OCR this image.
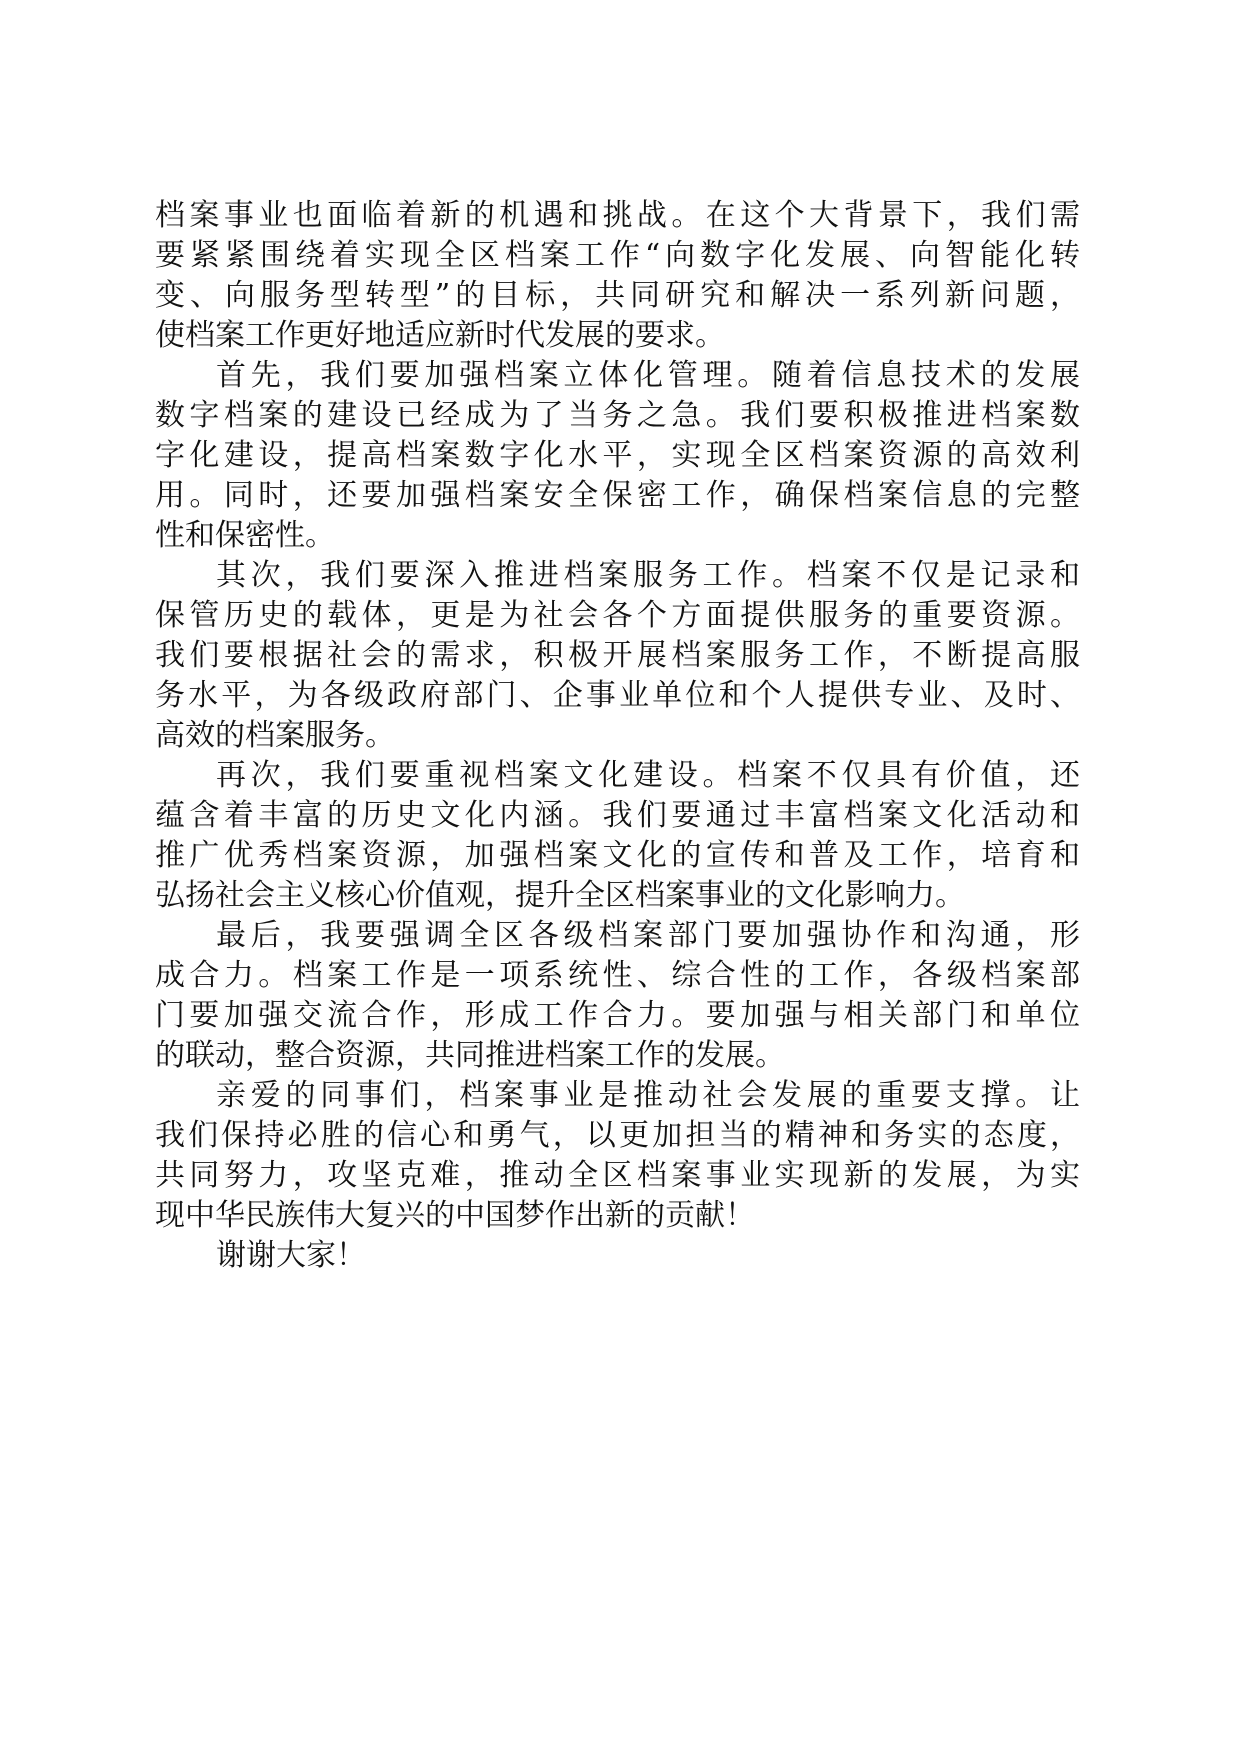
档案事业也面临着新的机遇和挑战。在这个大背景下，我们需
要紧紧围绕着实现全区档案工作“向数字化发展、向智能化转
变、向服务型转型”的目标，共同研究和解决一系列新问题，
使档案工作更好地适应新时代发展的要求。
首先，我们要加强档案立体化管理。随着信息技术的发展
数字档案的建设已经成为了当务之急。我们要积极推进档案数
字化建设，提高档案数字化水平，实现全区档案资源的高效利
用。同时，还要加强档案安全保密工作，确保档案信息的完整
性和保密性。
其次，我们要深入推进档案服务工作。档案不仅是记录和
保管历史的载体，更是为社会各个方面提供服务的重要资源。
我们要根据社会的需求，积极开展档案服务工作，不断提高服
务水平，为各级政府部门、企事业单位和个人提供专业、及时、
高效的档案服务。
再次，我们要重视档案文化建设。档案不仅具有价值，还
蕴含着丰富的历史文化内涵。我们要通过丰富档案文化活动和
推广优秀档案资源，加强档案文化的宣传和普及工作，培育和
弘扬社会主义核心价值观，提升全区档案事业的文化影响力。
最后，我要强调全区各级档案部门要加强协作和沟通，形
成合力。档案工作是一项系统性、综合性的工作，各级档案部
门要加强交流合作，形成工作合力。要加强与相关部门和单位
的联动，整合资源，共同推进档案工作的发展。
亲爱的同事们，档案事业是推动社会发展的重要支撑。让
我们保持必胜的信心和勇气，以更加担当的精神和务实的态度，
共同努力，攻坚克难，推动全区档案事业实现新的发展，为实
现中华民族伟大复兴的中国梦作出新的贡献！
谢谢大家！
